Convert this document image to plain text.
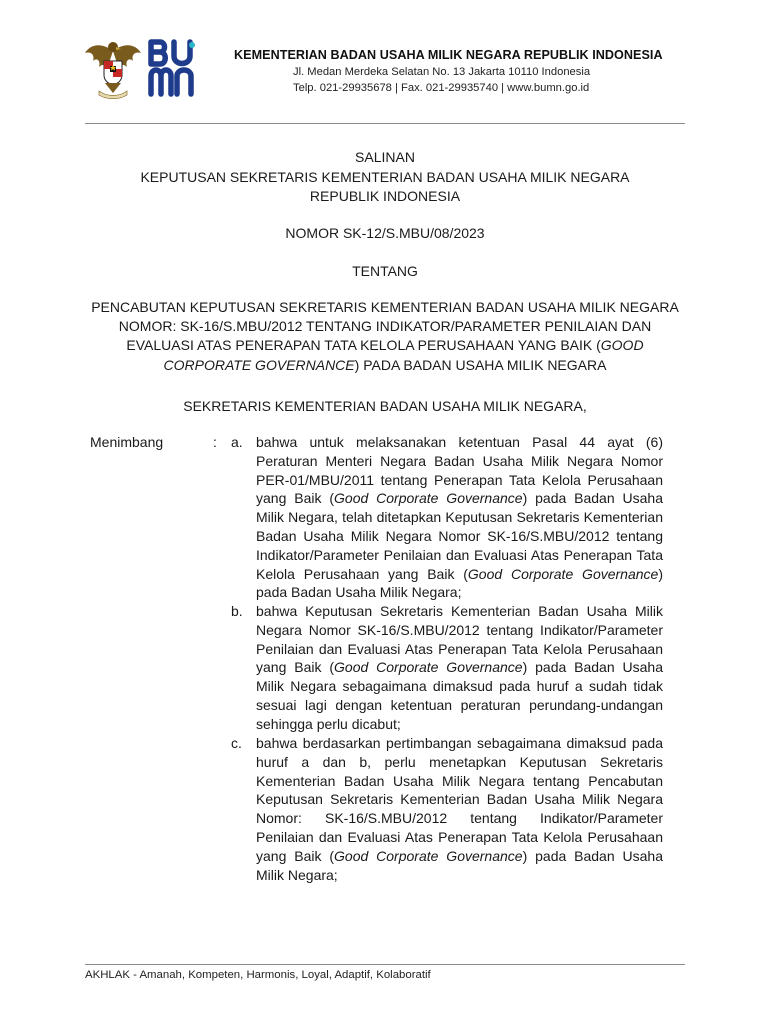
KEMENTERIAN BADAN USAHA MILIK NEGARA REPUBLIK INDONESIA
Jl. Medan Merdeka Selatan No. 13 Jakarta 10110 Indonesia
Telp. 021-29935678 | Fax. 021-29935740 | www.bumn.go.id
SALINAN
KEPUTUSAN SEKRETARIS KEMENTERIAN BADAN USAHA MILIK NEGARA
REPUBLIK INDONESIA
NOMOR SK-12/S.MBU/08/2023
TENTANG
PENCABUTAN KEPUTUSAN SEKRETARIS KEMENTERIAN BADAN USAHA MILIK NEGARA
NOMOR: SK-16/S.MBU/2012 TENTANG INDIKATOR/PARAMETER PENILAIAN DAN
EVALUASI ATAS PENERAPAN TATA KELOLA PERUSAHAAN YANG BAIK (GOOD
CORPORATE GOVERNANCE) PADA BADAN USAHA MILIK NEGARA
SEKRETARIS KEMENTERIAN BADAN USAHA MILIK NEGARA,
Menimbang	: a. bahwa untuk melaksanakan ketentuan Pasal 44 ayat (6) Peraturan Menteri Negara Badan Usaha Milik Negara Nomor PER-01/MBU/2011 tentang Penerapan Tata Kelola Perusahaan yang Baik (Good Corporate Governance) pada Badan Usaha Milik Negara, telah ditetapkan Keputusan Sekretaris Kementerian Badan Usaha Milik Negara Nomor SK-16/S.MBU/2012 tentang Indikator/Parameter Penilaian dan Evaluasi Atas Penerapan Tata Kelola Perusahaan yang Baik (Good Corporate Governance) pada Badan Usaha Milik Negara;
b. bahwa Keputusan Sekretaris Kementerian Badan Usaha Milik Negara Nomor SK-16/S.MBU/2012 tentang Indikator/Parameter Penilaian dan Evaluasi Atas Penerapan Tata Kelola Perusahaan yang Baik (Good Corporate Governance) pada Badan Usaha Milik Negara sebagaimana dimaksud pada huruf a sudah tidak sesuai lagi dengan ketentuan peraturan perundang-undangan sehingga perlu dicabut;
c. bahwa berdasarkan pertimbangan sebagaimana dimaksud pada huruf a dan b, perlu menetapkan Keputusan Sekretaris Kementerian Badan Usaha Milik Negara tentang Pencabutan Keputusan Sekretaris Kementerian Badan Usaha Milik Negara Nomor: SK-16/S.MBU/2012 tentang Indikator/Parameter Penilaian dan Evaluasi Atas Penerapan Tata Kelola Perusahaan yang Baik (Good Corporate Governance) pada Badan Usaha Milik Negara;
AKHLAK - Amanah, Kompeten, Harmonis, Loyal, Adaptif, Kolaboratif
